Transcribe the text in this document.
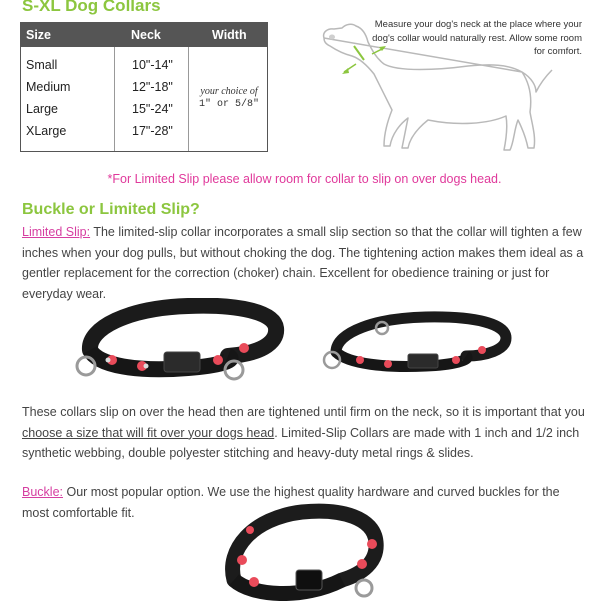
S-XL Dog Collars
Size	Neck	Width
Small	10"-14"
Medium	12"-18"
Large	15"-24"
XLarge	17"-28"
your choice of
1" or 5/8"
Measure your dog's neck at the place where your dog's collar would naturally rest. Allow some room for comfort.
*For Limited Slip please allow room for collar to slip on over dogs head.
Buckle or Limited Slip?
Limited Slip: The limited-slip collar incorporates a small slip section so that the collar will tighten a few inches when your dog pulls, but without choking the dog. The tightening action makes them ideal as a gentler replacement for the correction (choker) chain. Excellent for obedience training or just for everyday wear.
These collars slip on over the head then are tightened until firm on the neck, so it is important that you choose a size that will fit over your dogs head. Limited-Slip Collars are made with 1 inch and 1/2 inch synthetic webbing, double polyester stitching and heavy-duty metal rings & slides.
Buckle: Our most popular option. We use the highest quality hardware and curved buckles for the most comfortable fit.
